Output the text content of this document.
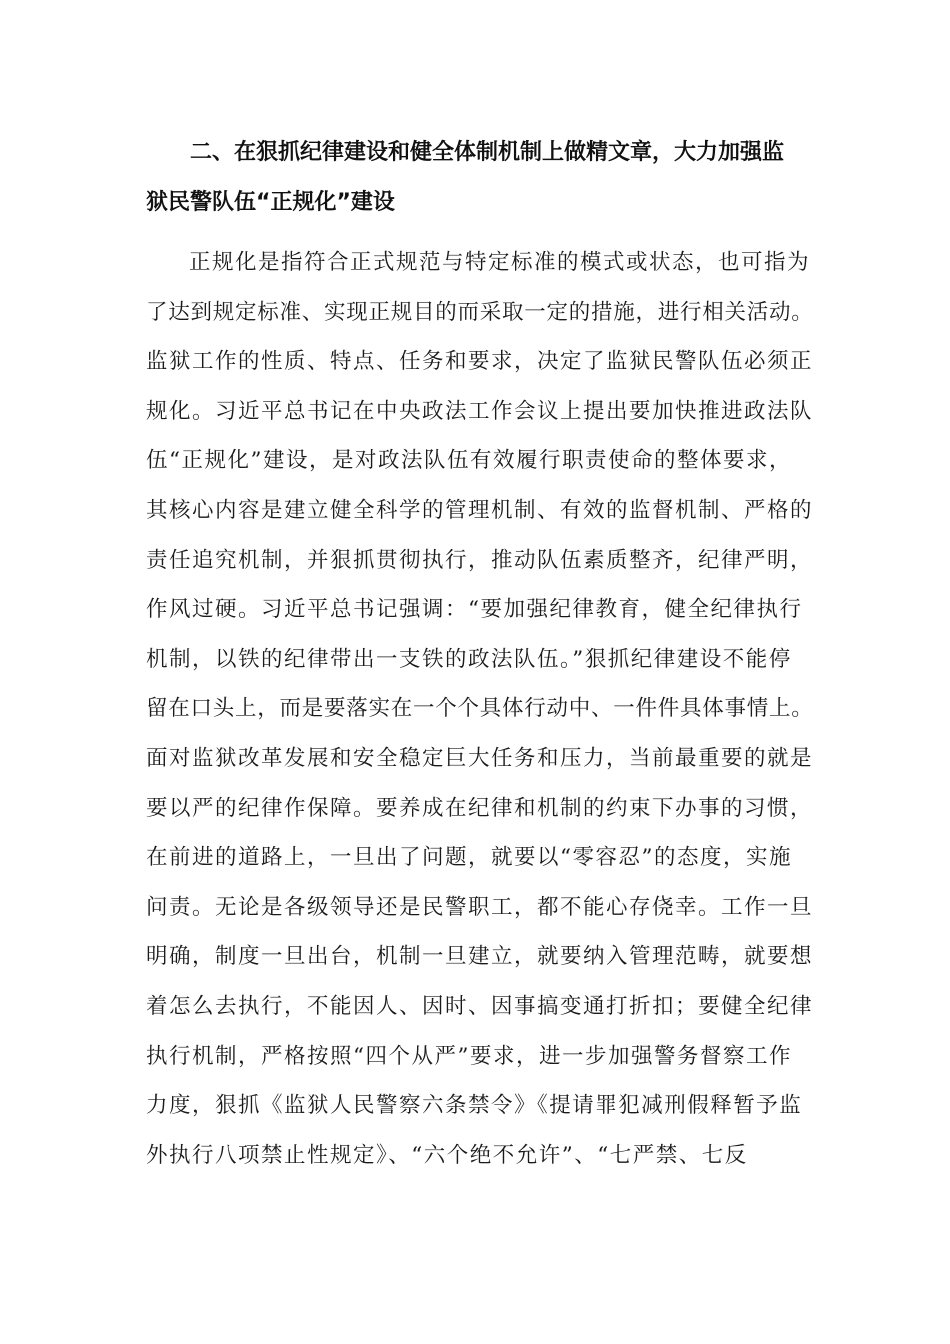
二、在狠抓纪律建设和健全体制机制上做精文章，大力加强监
狱民警队伍“正规化”建设
正规化是指符合正式规范与特定标准的模式或状态，也可指为
了达到规定标准、实现正规目的而采取一定的措施，进行相关活动。
监狱工作的性质、特点、任务和要求，决定了监狱民警队伍必须正
规化。习近平总书记在中央政法工作会议上提出要加快推进政法队
伍“正规化”建设，是对政法队伍有效履行职责使命的整体要求，
其核心内容是建立健全科学的管理机制、有效的监督机制、严格的
责任追究机制，并狠抓贯彻执行，推动队伍素质整齐，纪律严明，
作风过硬。习近平总书记强调：“要加强纪律教育，健全纪律执行
机制，以铁的纪律带出一支铁的政法队伍。”狠抓纪律建设不能停
留在口头上，而是要落实在一个个具体行动中、一件件具体事情上。
面对监狱改革发展和安全稳定巨大任务和压力，当前最重要的就是
要以严的纪律作保障。要养成在纪律和机制的约束下办事的习惯，
在前进的道路上，一旦出了问题，就要以“零容忍”的态度，实施
问责。无论是各级领导还是民警职工，都不能心存侥幸。工作一旦
明确，制度一旦出台，机制一旦建立，就要纳入管理范畴，就要想
着怎么去执行，不能因人、因时、因事搞变通打折扣；要健全纪律
执行机制，严格按照“四个从严”要求，进一步加强警务督察工作
力度，狠抓《监狱人民警察六条禁令》《提请罪犯减刑假释暂予监
外执行八项禁止性规定》、“六个绝不允许”、“七严禁、七反
